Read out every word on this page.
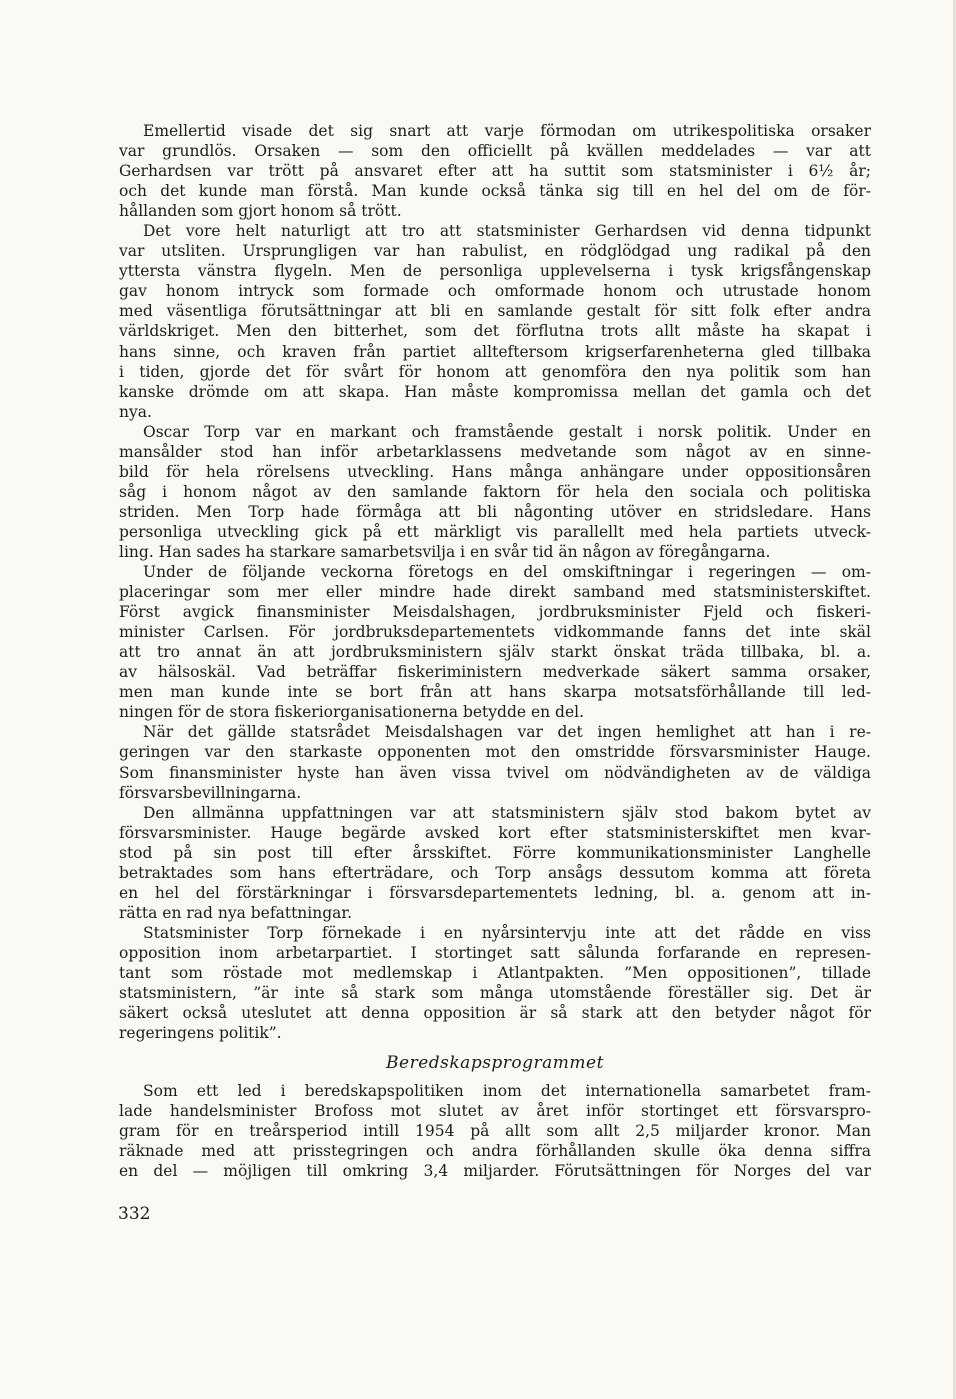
Emellertid visade det sig snart att varje förmodan om utrikespolitiska orsaker
var grundlös. Orsaken — som den officiellt på kvällen meddelades — var att
Gerhardsen var trött på ansvaret efter att ha suttit som statsminister i 6½ år;
och det kunde man förstå. Man kunde också tänka sig till en hel del om de för-
hållanden som gjort honom så trött.
Det vore helt naturligt att tro att statsminister Gerhardsen vid denna tidpunkt
var utsliten. Ursprungligen var han rabulist, en rödglödgad ung radikal på den
yttersta vänstra flygeln. Men de personliga upplevelserna i tysk krigsfångenskap
gav honom intryck som formade och omformade honom och utrustade honom
med väsentliga förutsättningar att bli en samlande gestalt för sitt folk efter andra
världskriget. Men den bitterhet, som det förflutna trots allt måste ha skapat i
hans sinne, och kraven från partiet allteftersom krigserfarenheterna gled tillbaka
i tiden, gjorde det för svårt för honom att genomföra den nya politik som han
kanske drömde om att skapa. Han måste kompromissa mellan det gamla och det
nya.
Oscar Torp var en markant och framstående gestalt i norsk politik. Under en
mansålder stod han inför arbetarklassens medvetande som något av en sinne-
bild för hela rörelsens utveckling. Hans många anhängare under oppositionsåren
såg i honom något av den samlande faktorn för hela den sociala och politiska
striden. Men Torp hade förmåga att bli någonting utöver en stridsledare. Hans
personliga utveckling gick på ett märkligt vis parallellt med hela partiets utveck-
ling. Han sades ha starkare samarbetsvilja i en svår tid än någon av föregångarna.
Under de följande veckorna företogs en del omskiftningar i regeringen — om-
placeringar som mer eller mindre hade direkt samband med statsministerskiftet.
Först avgick finansminister Meisdalshagen, jordbruksminister Fjeld och fiskeri-
minister Carlsen. För jordbruksdepartementets vidkommande fanns det inte skäl
att tro annat än att jordbruksministern själv starkt önskat träda tillbaka, bl. a.
av hälsoskäl. Vad beträffar fiskeriministern medverkade säkert samma orsaker,
men man kunde inte se bort från att hans skarpa motsatsförhållande till led-
ningen för de stora fiskeriorganisationerna betydde en del.
När det gällde statsrådet Meisdalshagen var det ingen hemlighet att han i re-
geringen var den starkaste opponenten mot den omstridde försvarsminister Hauge.
Som finansminister hyste han även vissa tvivel om nödvändigheten av de väldiga
försvarsbevillningarna.
Den allmänna uppfattningen var att statsministern själv stod bakom bytet av
försvarsminister. Hauge begärde avsked kort efter statsministerskiftet men kvar-
stod på sin post till efter årsskiftet. Förre kommunikationsminister Langhelle
betraktades som hans efterträdare, och Torp ansågs dessutom komma att företa
en hel del förstärkningar i försvarsdepartementets ledning, bl. a. genom att in-
rätta en rad nya befattningar.
Statsminister Torp förnekade i en nyårsintervju inte att det rådde en viss
opposition inom arbetarpartiet. I stortinget satt sålunda forfarande en represen-
tant som röstade mot medlemskap i Atlantpakten. ”Men oppositionen”, tillade
statsministern, ”är inte så stark som många utomstående föreställer sig. Det är
säkert också uteslutet att denna opposition är så stark att den betyder något för
regeringens politik”.
Beredskapsprogrammet
Som ett led i beredskapspolitiken inom det internationella samarbetet fram-
lade handelsminister Brofoss mot slutet av året inför stortinget ett försvarspro-
gram för en treårsperiod intill 1954 på allt som allt 2,5 miljarder kronor. Man
räknade med att prisstegringen och andra förhållanden skulle öka denna siffra
en del — möjligen till omkring 3,4 miljarder. Förutsättningen för Norges del var
332
